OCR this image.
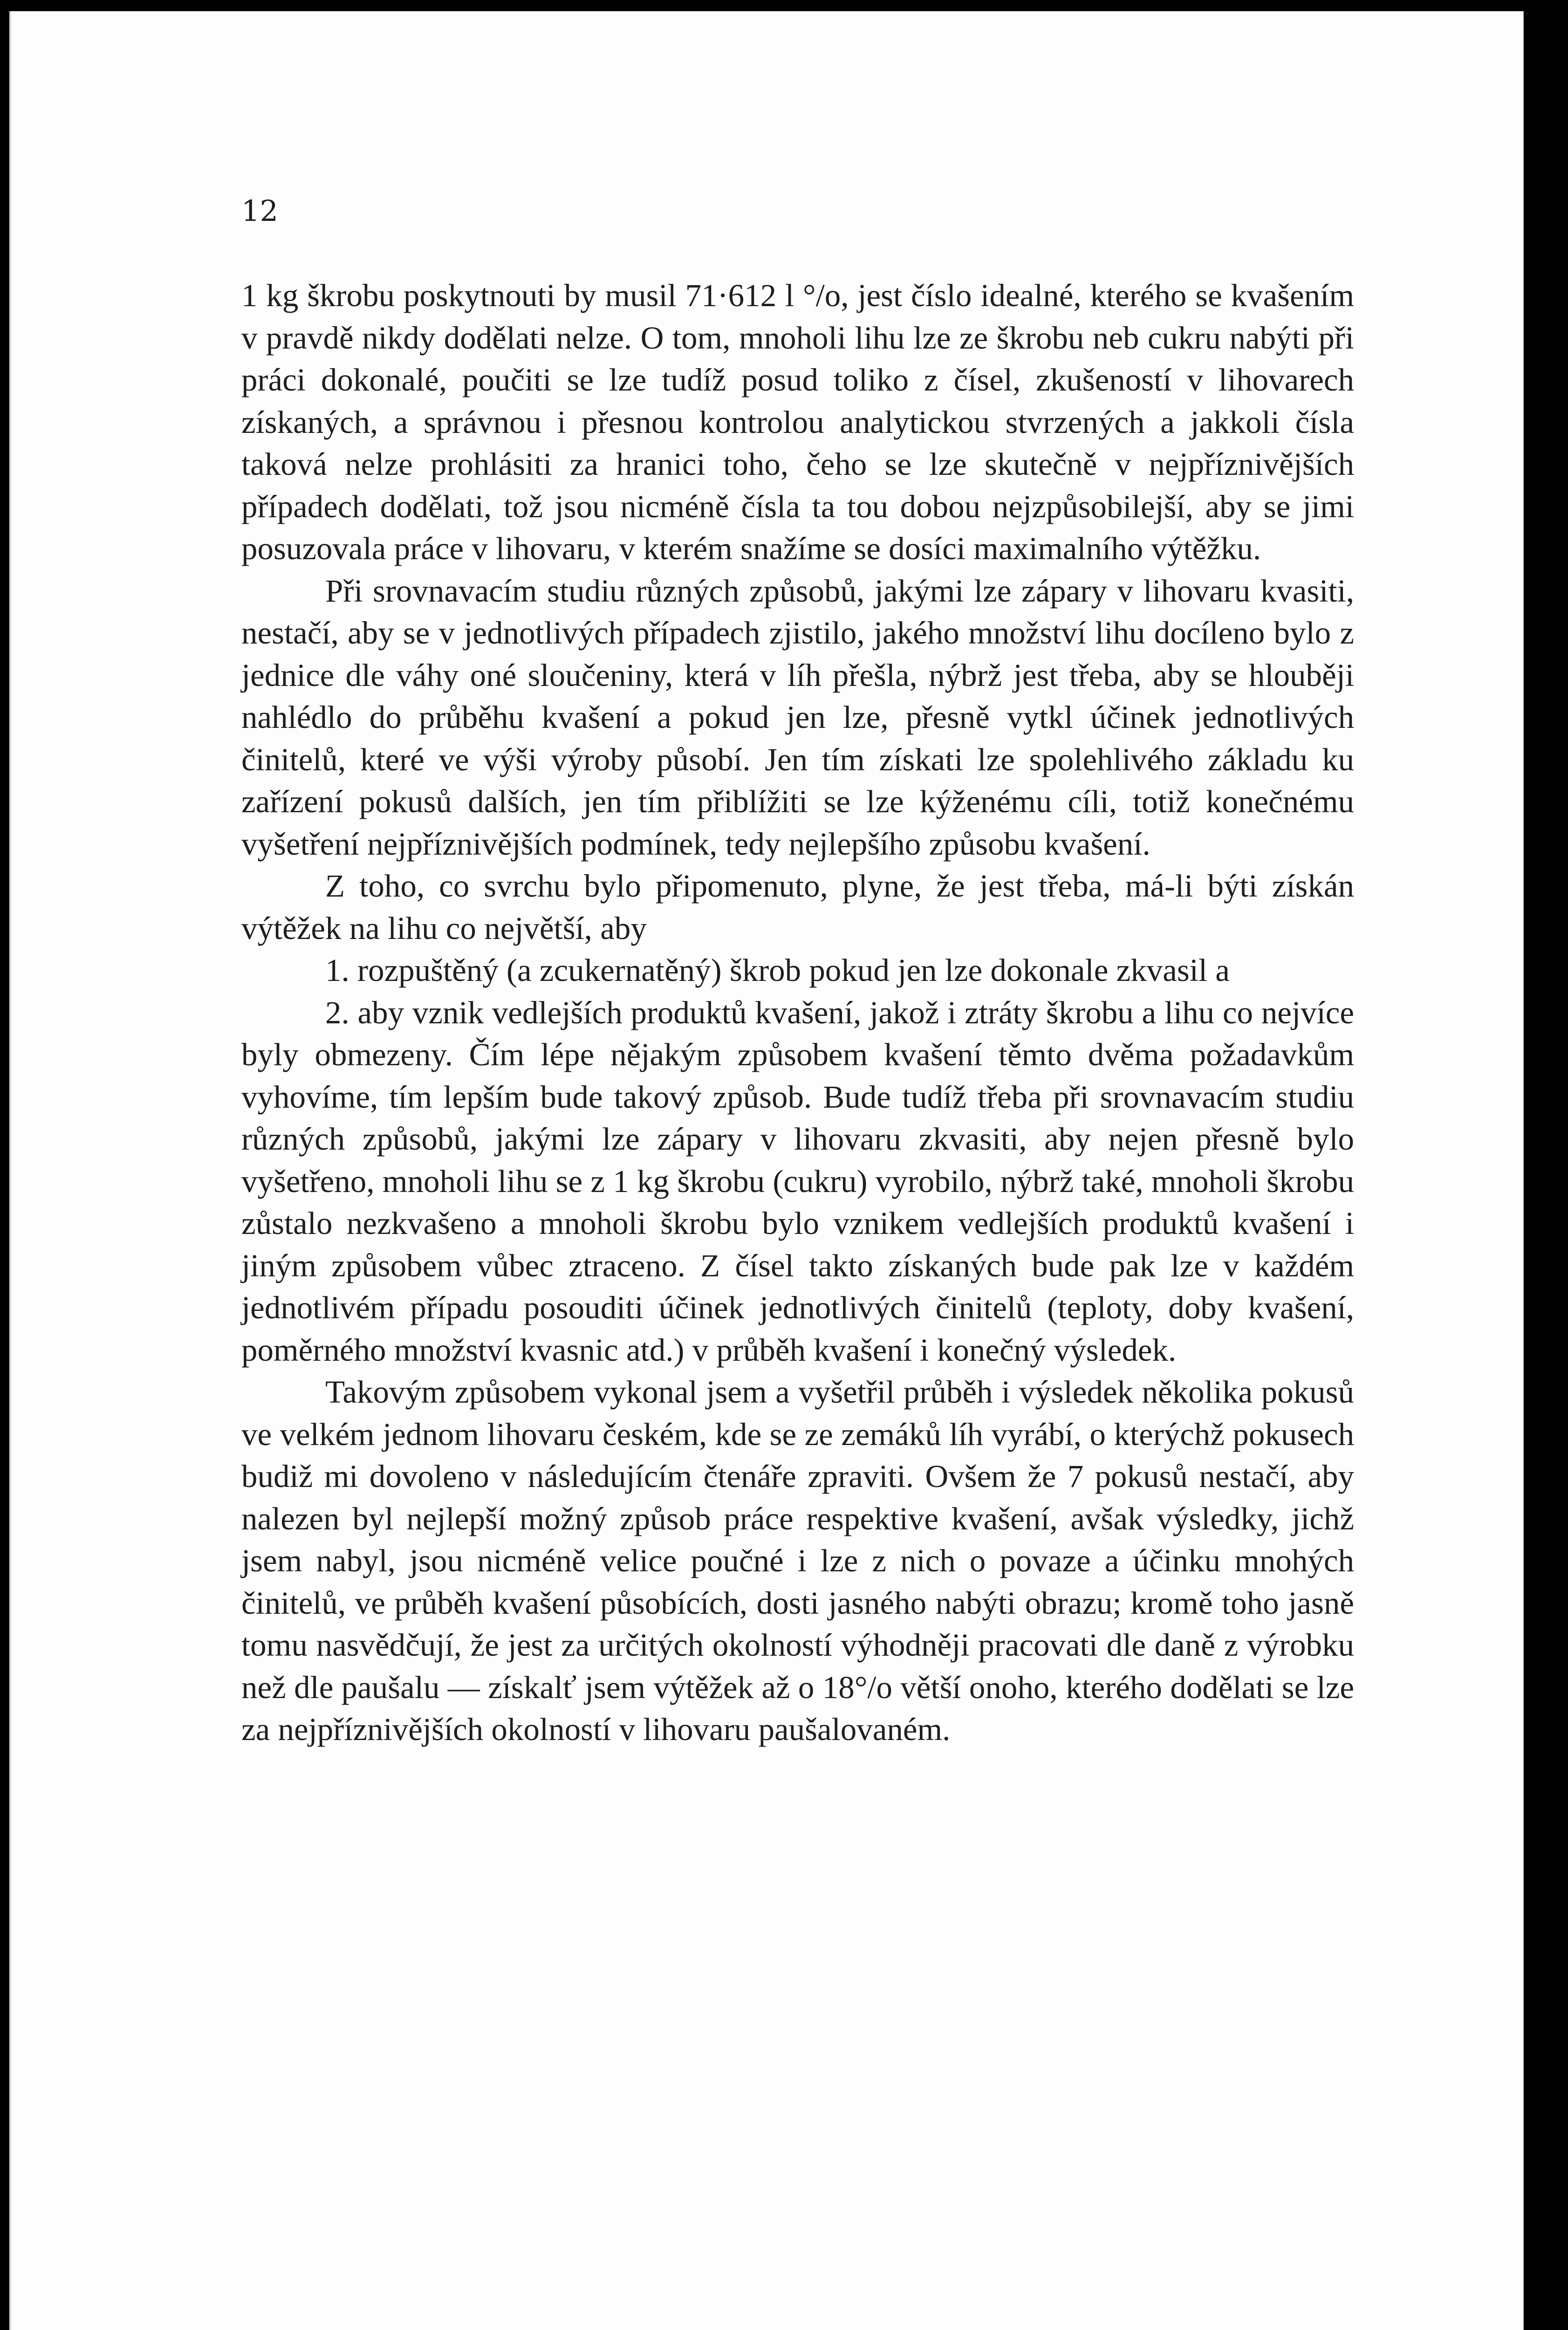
12

1 kg škrobu poskytnouti by musil 71·612 l °/o, jest číslo idealné, kterého se kvašením v pravdě nikdy dodělati nelze. O tom, mnoholi lihu lze ze škrobu neb cukru nabýti při práci dokonalé, poučiti se lze tudíž posud toliko z čísel, zkušeností v lihovarech získaných, a správnou i přesnou kontrolou analytickou stvrzených a jakkoli čísla taková nelze prohlásiti za hranici toho, čeho se lze skutečně v nejpříznivějších případech dodělati, tož jsou nicméně čísla ta tou dobou nejzpůsobilejší, aby se jimi posuzovala práce v lihovaru, v kterém snažíme se dosíci maximalního výtěžku.

Při srovnavacím studiu různých způsobů, jakými lze zápary v lihovaru kvasiti, nestačí, aby se v jednotlivých případech zjistilo, jakého množství lihu docíleno bylo z jednice dle váhy oné sloučeniny, která v líh přešla, nýbrž jest třeba, aby se hlouběji nahlédlo do průběhu kvašení a pokud jen lze, přesně vytkl účinek jednotlivých činitelů, které ve výši výroby působí. Jen tím získati lze spolehlivého základu ku zařízení pokusů dalších, jen tím přiblížiti se lze kýženému cíli, totiž konečnému vyšetření nejpříznivějších podmínek, tedy nejlepšího způsobu kvašení.

Z toho, co svrchu bylo připomenuto, plyne, že jest třeba, má-li býti získán výtěžek na lihu co největší, aby

1. rozpuštěný (a zcukernatěný) škrob pokud jen lze dokonale zkvasil a

2. aby vznik vedlejších produktů kvašení, jakož i ztráty škrobu a lihu co nejvíce byly obmezeny. Čím lépe nějakým způsobem kvašení těmto dvěma požadavkům vyhovíme, tím lepším bude takový způsob. Bude tudíž třeba při srovnavacím studiu různých způsobů, jakými lze zápary v lihovaru zkvasiti, aby nejen přesně bylo vyšetřeno, mnoholi lihu se z 1 kg škrobu (cukru) vyrobilo, nýbrž také, mnoholi škrobu zůstalo nezkvašeno a mnoholi škrobu bylo vznikem vedlejších produktů kvašení i jiným způsobem vůbec ztraceno. Z čísel takto získaných bude pak lze v každém jednotlivém případu posouditi účinek jednotlivých činitelů (teploty, doby kvašení, poměrného množství kvasnic atd.) v průběh kvašení i konečný výsledek.

Takovým způsobem vykonal jsem a vyšetřil průběh i výsledek několika pokusů ve velkém jednom lihovaru českém, kde se ze zemáků líh vyrábí, o kterýchž pokusech budiž mi dovoleno v následujícím čtenáře zpraviti. Ovšem že 7 pokusů nestačí, aby nalezen byl nejlepší možný způsob práce respektive kvašení, avšak výsledky, jichž jsem nabyl, jsou nicméně velice poučné i lze z nich o povaze a účinku mnohých činitelů, ve průběh kvašení působících, dosti jasného nabýti obrazu; kromě toho jasně tomu nasvědčují, že jest za určitých okolností výhodněji pracovati dle daně z výrobku než dle paušalu — získalť jsem výtěžek až o 18°/o větší onoho, kterého dodělati se lze za nejpříznivějších okolností v lihovaru paušalovaném.
